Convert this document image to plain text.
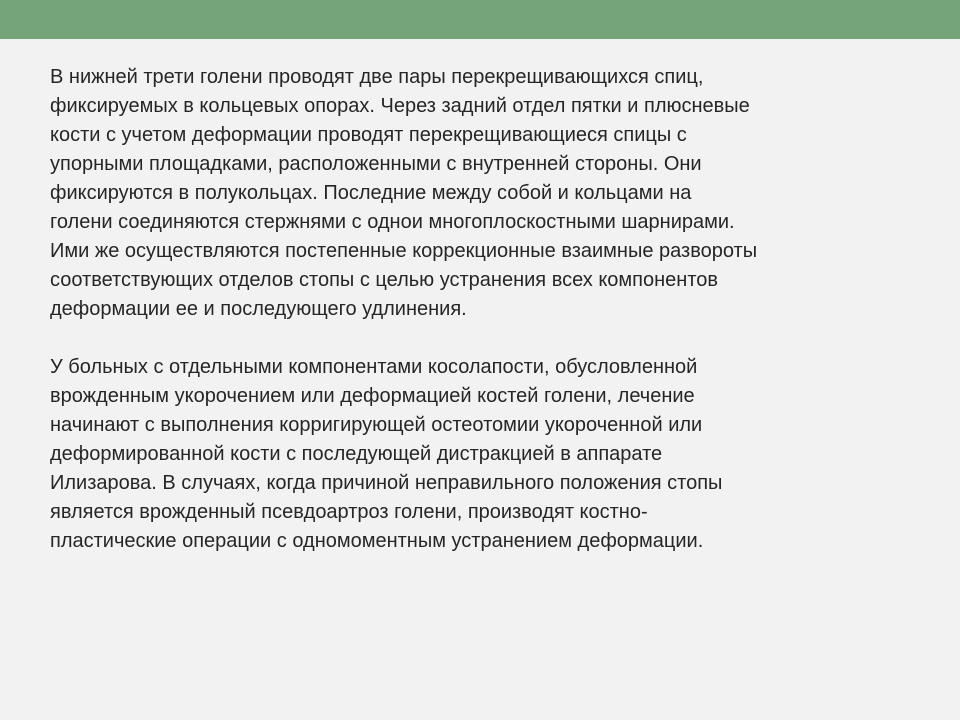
В нижней трети голени проводят две пары перекрещивающихся спиц,
фиксируемых в кольцевых опорах. Через задний отдел пятки и плюсневые
кости с учетом деформации проводят перекрещивающиеся спицы с
упорными площадками, расположенными с внутренней стороны. Они
фиксируются в полукольцах. Последние между собой и кольцами на
голени соединяются стержнями с однои многоплоскостными шарнирами.
Ими же осуществляются постепенные коррекционные взаимные развороты
соответствующих отделов стопы с целью устранения всех компонентов
деформации ее и последующего удлинения.

У больных с отдельными компонентами косолапости, обусловленной
врожденным укорочением или деформацией костей голени, лечение
начинают с выполнения корригирующей остеотомии укороченной или
деформированной кости с последующей дистракцией в аппарате
Илизарова. В случаях, когда причиной неправильного положения стопы
является врожденный псевдоартроз голени, производят костно-
пластические операции с одномоментным устранением деформации.
